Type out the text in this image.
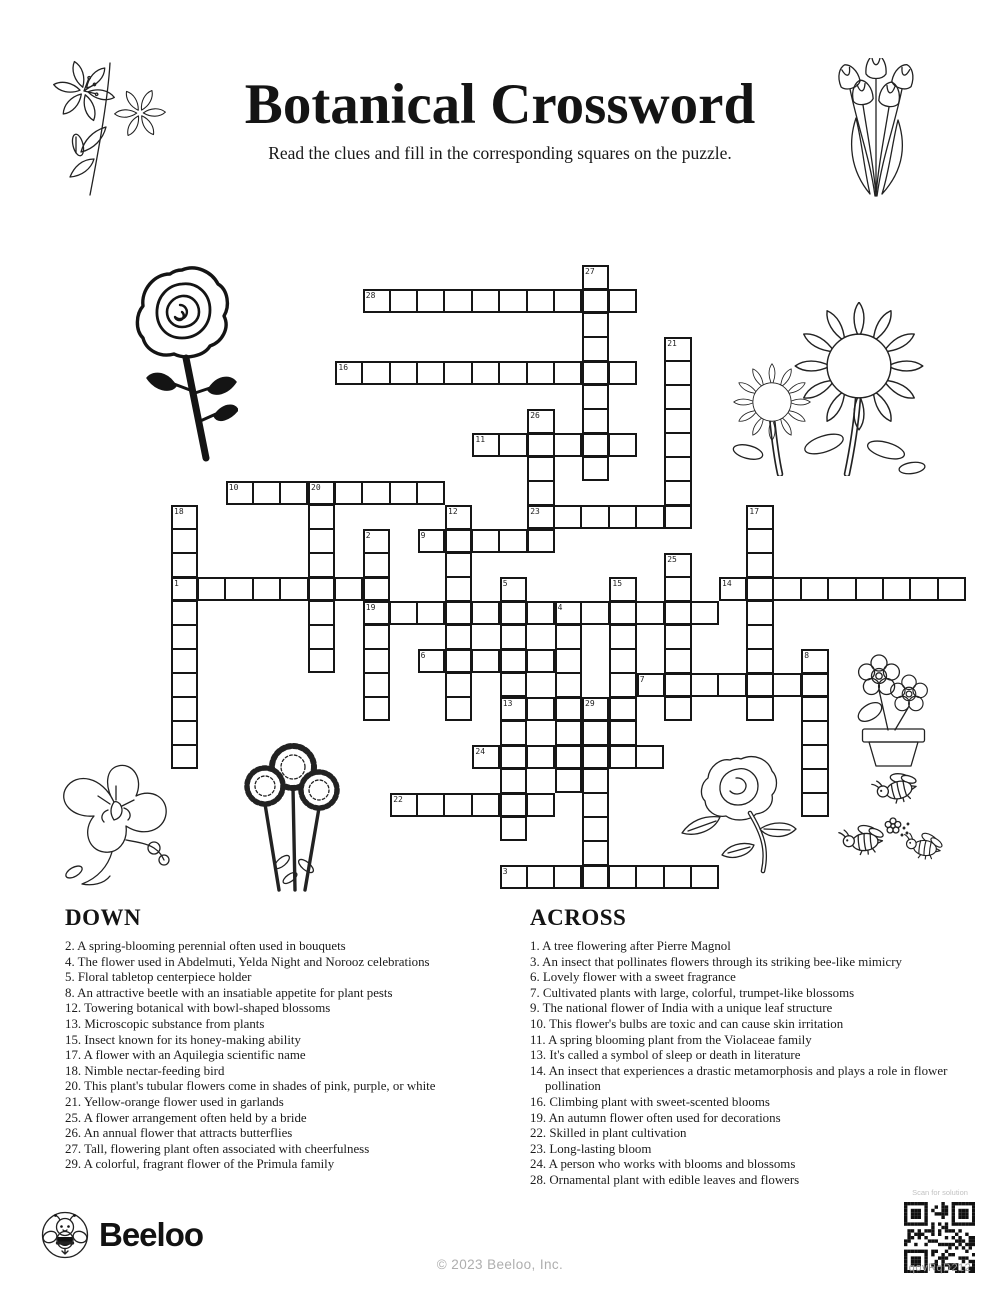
Botanical Crossword
Read the clues and fill in the corresponding squares on the puzzle.
28
16
11
10
23
9
1	14
19
6
7
13
24
22
3
27
21
26
20
18	12	17
2
25
5	15
4
8
29
DOWN
2. A spring-blooming perennial often used in bouquets
4. The flower used in Abdelmuti, Yelda Night and Norooz celebrations
5. Floral tabletop centerpiece holder
8. An attractive beetle with an insatiable appetite for plant pests
12. Towering botanical with bowl-shaped blossoms
13. Microscopic substance from plants
15. Insect known for its honey-making ability
17. A flower with an Aquilegia scientific name
18. Nimble nectar-feeding bird
20. This plant's tubular flowers come in shades of pink, purple, or white
21. Yellow-orange flower used in garlands
25. A flower arrangement often held by a bride
26. An annual flower that attracts butterflies
27. Tall, flowering plant often associated with cheerfulness
29. A colorful, fragrant flower of the Primula family
ACROSS
1. A tree flowering after Pierre Magnol
3. An insect that pollinates flowers through its striking bee-like mimicry
6. Lovely flower with a sweet fragrance
7. Cultivated plants with large, colorful, trumpet-like blossoms
9. The national flower of India with a unique leaf structure
10. This flower's bulbs are toxic and can cause skin irritation
11. A spring blooming plant from the Violaceae family
13. It's called a symbol of sleep or death in literature
14. An insect that experiences a drastic metamorphosis and plays a role in flower pollination
16. Climbing plant with sweet-scented blooms
19. An autumn flower often used for decorations
22. Skilled in plant cultivation
23. Long-lasting bloom
24. A person who works with blooms and blossoms
28. Ornamental plant with edible leaves and flowers
Beeloo
© 2023 Beeloo, Inc.
Scan for solution
qovRqD212
